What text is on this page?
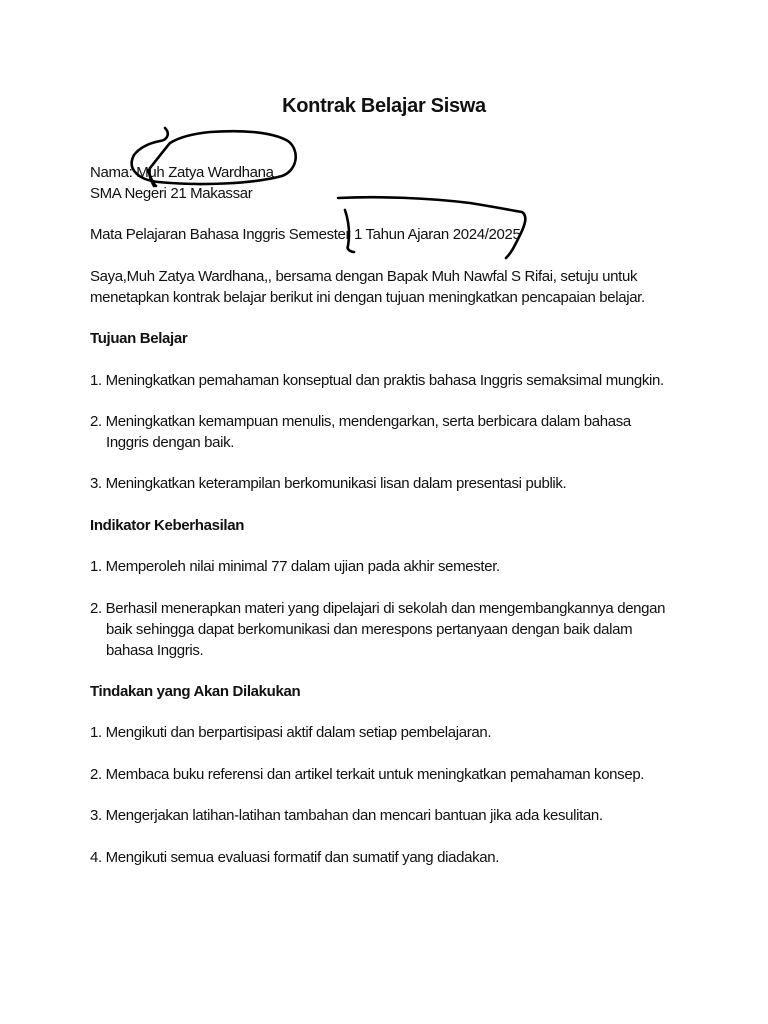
Kontrak Belajar Siswa
Nama: Muh Zatya Wardhana
SMA Negeri 21 Makassar
Mata Pelajaran Bahasa Inggris Semester 1 Tahun Ajaran 2024/2025
Saya,Muh Zatya Wardhana,, bersama dengan Bapak Muh Nawfal S Rifai, setuju untuk
menetapkan kontrak belajar berikut ini dengan tujuan meningkatkan pencapaian belajar.
Tujuan Belajar
1. Meningkatkan pemahaman konseptual dan praktis bahasa Inggris semaksimal mungkin.
2. Meningkatkan kemampuan menulis, mendengarkan, serta berbicara dalam bahasa
Inggris dengan baik.
3. Meningkatkan keterampilan berkomunikasi lisan dalam presentasi publik.
Indikator Keberhasilan
1. Memperoleh nilai minimal 77 dalam ujian pada akhir semester.
2. Berhasil menerapkan materi yang dipelajari di sekolah dan mengembangkannya dengan
baik sehingga dapat berkomunikasi dan merespons pertanyaan dengan baik dalam
bahasa Inggris.
Tindakan yang Akan Dilakukan
1. Mengikuti dan berpartisipasi aktif dalam setiap pembelajaran.
2. Membaca buku referensi dan artikel terkait untuk meningkatkan pemahaman konsep.
3. Mengerjakan latihan-latihan tambahan dan mencari bantuan jika ada kesulitan.
4. Mengikuti semua evaluasi formatif dan sumatif yang diadakan.
